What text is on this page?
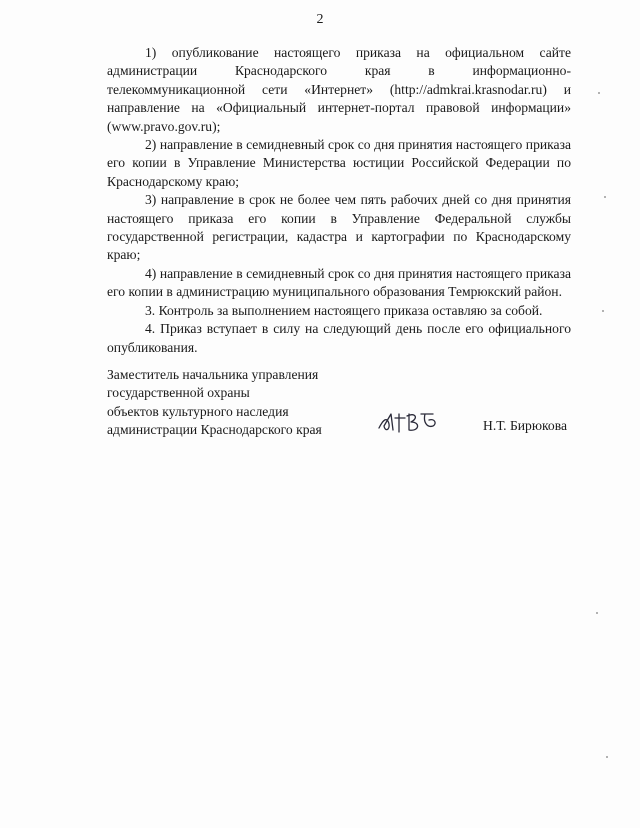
2

1) опубликование настоящего приказа на официальном сайте администрации Краснодарского края в информационно-телекоммуникационной сети «Интернет» (http://admkrai.krasnodar.ru) и направление на «Официальный интернет-портал правовой информации» (www.pravo.gov.ru);

2) направление в семидневный срок со дня принятия настоящего приказа его копии в Управление Министерства юстиции Российской Федерации по Краснодарскому краю;

3) направление в срок не более чем пять рабочих дней со дня принятия настоящего приказа его копии в Управление Федеральной службы государственной регистрации, кадастра и картографии по Краснодарскому краю;

4) направление в семидневный срок со дня принятия настоящего приказа его копии в администрацию муниципального образования Темрюкский район.

3. Контроль за выполнением настоящего приказа оставляю за собой.

4. Приказ вступает в силу на следующий день после его официального опубликования.

Заместитель начальника управления
государственной охраны
объектов культурного наследия
администрации Краснодарского края	Н.Т. Бирюкова
